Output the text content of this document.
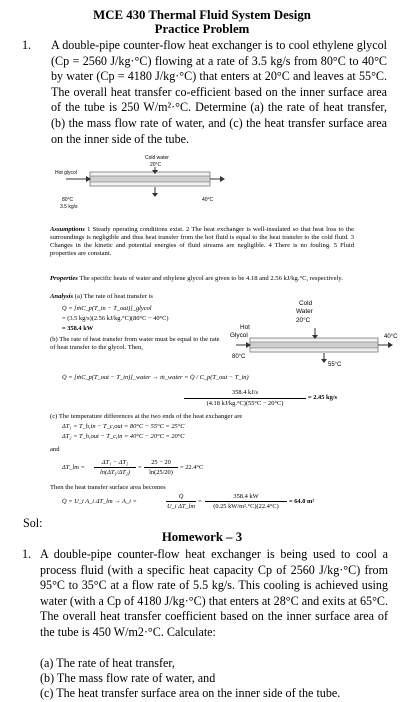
MCE 430 Thermal Fluid System Design
Practice Problem
1.	A double-pipe counter-flow heat exchanger is to cool ethylene glycol (Cp = 2560 J/kg·°C) flowing at a rate of 3.5 kg/s from 80°C to 40°C by water (Cp = 4180 J/kg·°C) that enters at 20°C and leaves at 55°C. The overall heat transfer co-efficient based on the inner surface area of the tube is 250 W/m²·°C. Determine (a) the rate of heat transfer, (b) the mass flow rate of water, and (c) the heat transfer surface area on the inner side of the tube.
Cold water
20°C
Hot glycol
40°C
80°C
3.5 kg/s
Assumptions 1 Steady operating conditions exist. 2 The heat exchanger is well-insulated so that heat loss to the surroundings is negligible and thus heat transfer from the hot fluid is equal to the heat transfer to the cold fluid. 3 Changes in the kinetic and potential energies of fluid streams are negligible. 4 There is no fouling. 5 Fluid properties are constant.
Properties The specific heats of water and ethylene glycol are given to be 4.18 and 2.56 kJ/kg.°C, respectively.
Analysis (a) The rate of heat transfer is
Q̇ = [ṁC_p(T_in − T_out)]_glycol
= (3.5 kg/s)(2.56 kJ/kg.°C)(80°C − 40°C)
= 358.4 kW
(b) The rate of heat transfer from water must be equal to the rate of heat transfer to the glycol. Then,
Cold
Water
20°C
Hot
Glycol	40°C
80°C
55°C
Q̇ = [ṁC_p(T_out − T_in)]_water → ṁ_water = Q̇ / C_p(T_out − T_in)
358.4 kJ/s
(4.18 kJ/kg.°C)(55°C − 20°C)
= 2.45 kg/s
(c) The temperature differences at the two ends of the heat exchanger are
ΔT₁ = T_h,in − T_c,out = 80°C − 55°C = 25°C
ΔT₂ = T_h,out − T_c,in = 40°C − 20°C = 20°C
and
ΔT_lm =
ΔT₁ − ΔT₂
ln(ΔT₁/ΔT₂)
=
25 − 20
ln(25/20)
= 22.4°C
Then the heat transfer surface area becomes
Q̇ = U_i A_i ΔT_lm → A_i =
Q̇
U_i ΔT_lm
=
358.4 kW
(0.25 kW/m².°C)(22.4°C)
= 64.0 m²
Sol:
Homework – 3
1. A double-pipe counter-flow heat exchanger is being used to cool a process fluid (with a specific heat capacity Cp of 2560 J/kg·°C) from 95°C to 35°C at a flow rate of 5.5 kg/s. This cooling is achieved using water (with a Cp of 4180 J/kg·°C) that enters at 28°C and exits at 65°C. The overall heat transfer coefficient based on the inner surface area of the tube is 450 W/m2·°C. Calculate:
(a) The rate of heat transfer,
(b) The mass flow rate of water, and
(c) The heat transfer surface area on the inner side of the tube.
